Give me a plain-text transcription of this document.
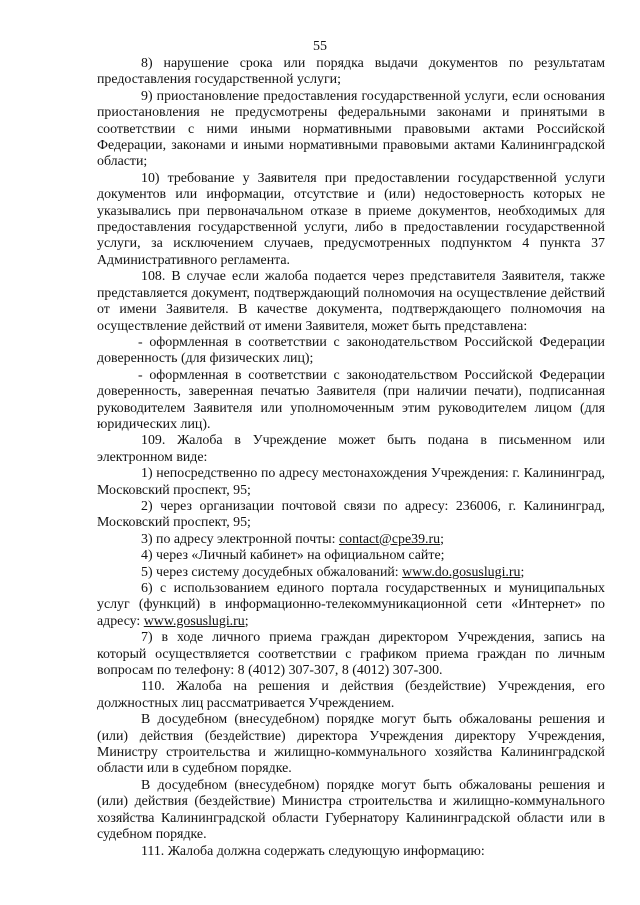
55

8) нарушение срока или порядка выдачи документов по результатам предоставления государственной услуги;

9) приостановление предоставления государственной услуги, если основания приостановления не предусмотрены федеральными законами и принятыми в соответствии с ними иными нормативными правовыми актами Российской Федерации, законами и иными нормативными правовыми актами Калининградской области;

10) требование у Заявителя при предоставлении государственной услуги документов или информации, отсутствие и (или) недостоверность которых не указывались при первоначальном отказе в приеме документов, необходимых для предоставления государственной услуги, либо в предоставлении государственной услуги, за исключением случаев, предусмотренных подпунктом 4 пункта 37 Административного регламента.

108. В случае если жалоба подается через представителя Заявителя, также представляется документ, подтверждающий полномочия на осуществление действий от имени Заявителя. В качестве документа, подтверждающего полномочия на осуществление действий от имени Заявителя, может быть представлена:

- оформленная в соответствии с законодательством Российской Федерации доверенность (для физических лиц);

- оформленная в соответствии с законодательством Российской Федерации доверенность, заверенная печатью Заявителя (при наличии печати), подписанная руководителем Заявителя или уполномоченным этим руководителем лицом (для юридических лиц).

109. Жалоба в Учреждение может быть подана в письменном или электронном виде:

1) непосредственно по адресу местонахождения Учреждения: г. Калининград, Московский проспект, 95;

2) через организации почтовой связи по адресу: 236006, г. Калининград, Московский проспект, 95;

3) по адресу электронной почты: contact@cpe39.ru;

4) через «Личный кабинет» на официальном сайте;

5) через систему досудебных обжалований: www.do.gosuslugi.ru;

6) с использованием единого портала государственных и муниципальных услуг (функций) в информационно-телекоммуникационной сети «Интернет» по адресу: www.gosuslugi.ru;

7) в ходе личного приема граждан директором Учреждения, запись на который осуществляется соответствии с графиком приема граждан по личным вопросам по телефону: 8 (4012) 307-307, 8 (4012) 307-300.

110. Жалоба на решения и действия (бездействие) Учреждения, его должностных лиц рассматривается Учреждением.

В досудебном (внесудебном) порядке могут быть обжалованы решения и (или) действия (бездействие) директора Учреждения директору Учреждения, Министру строительства и жилищно-коммунального хозяйства Калининградской области или в судебном порядке.

В досудебном (внесудебном) порядке могут быть обжалованы решения и (или) действия (бездействие) Министра строительства и жилищно-коммунального хозяйства Калининградской области Губернатору Калининградской области или в судебном порядке.

111. Жалоба должна содержать следующую информацию:
